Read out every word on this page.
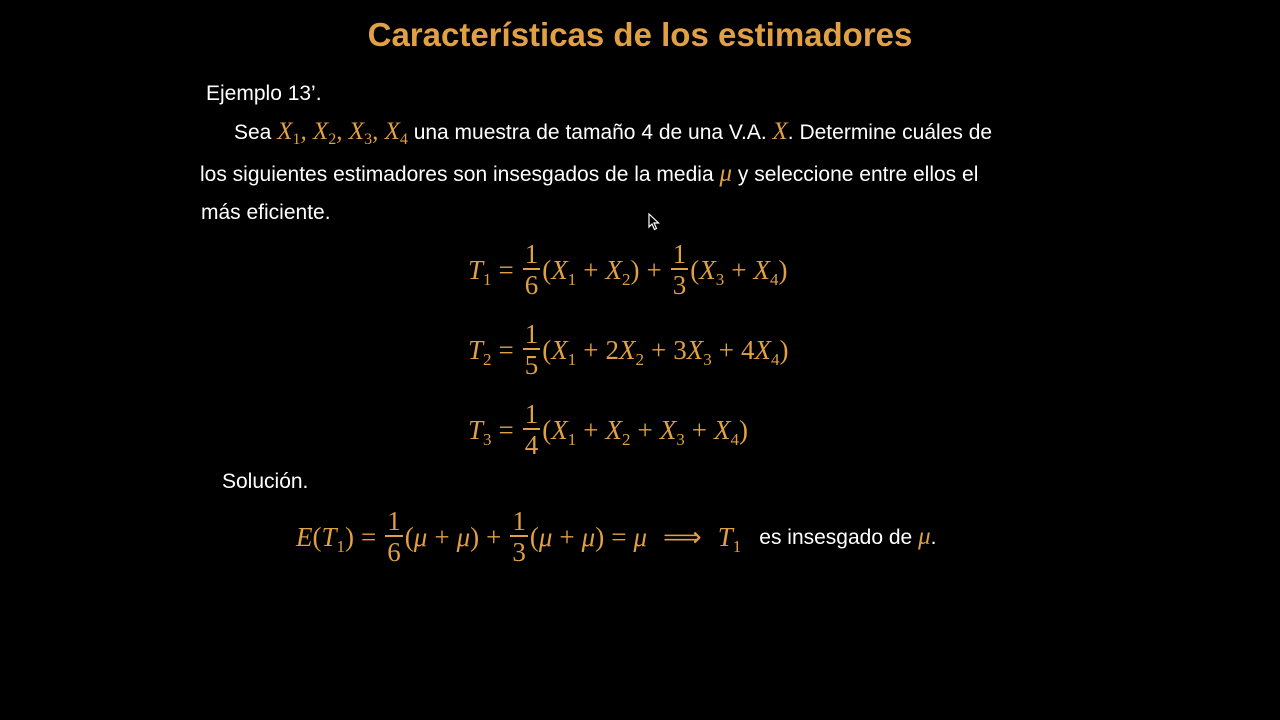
Características de los estimadores
Ejemplo 13’.
Sea $X_1$, $X_2$, $X_3$, $X_4$ una muestra de tamaño 4 de una V.A. X. Determine cuáles de
los siguientes estimadores son insesgados de la media μ y seleccione entre ellos el
más eficiente.
$T_1 = \frac{1}{6}$ ( $X_1 + X_2$ ) + $\frac{1}{3}$ ( $X_3 + X_4$ )
$T_2 = \frac{1}{5}$ ( $X_1 + 2$ $X_2 + 3$ $X_3 + 4$ $X_4$ )
$T_3 = \frac{1}{4}$ ( $X_1 + X_2 + X_3 + X_4$ )
Solución.
E ( $T_1$ ) = $\frac{1}{6}$ ( μ + μ ) + $\frac{1}{3}$ ( μ + μ ) = μ ⟹ $T_1$ es insesgado de μ.
